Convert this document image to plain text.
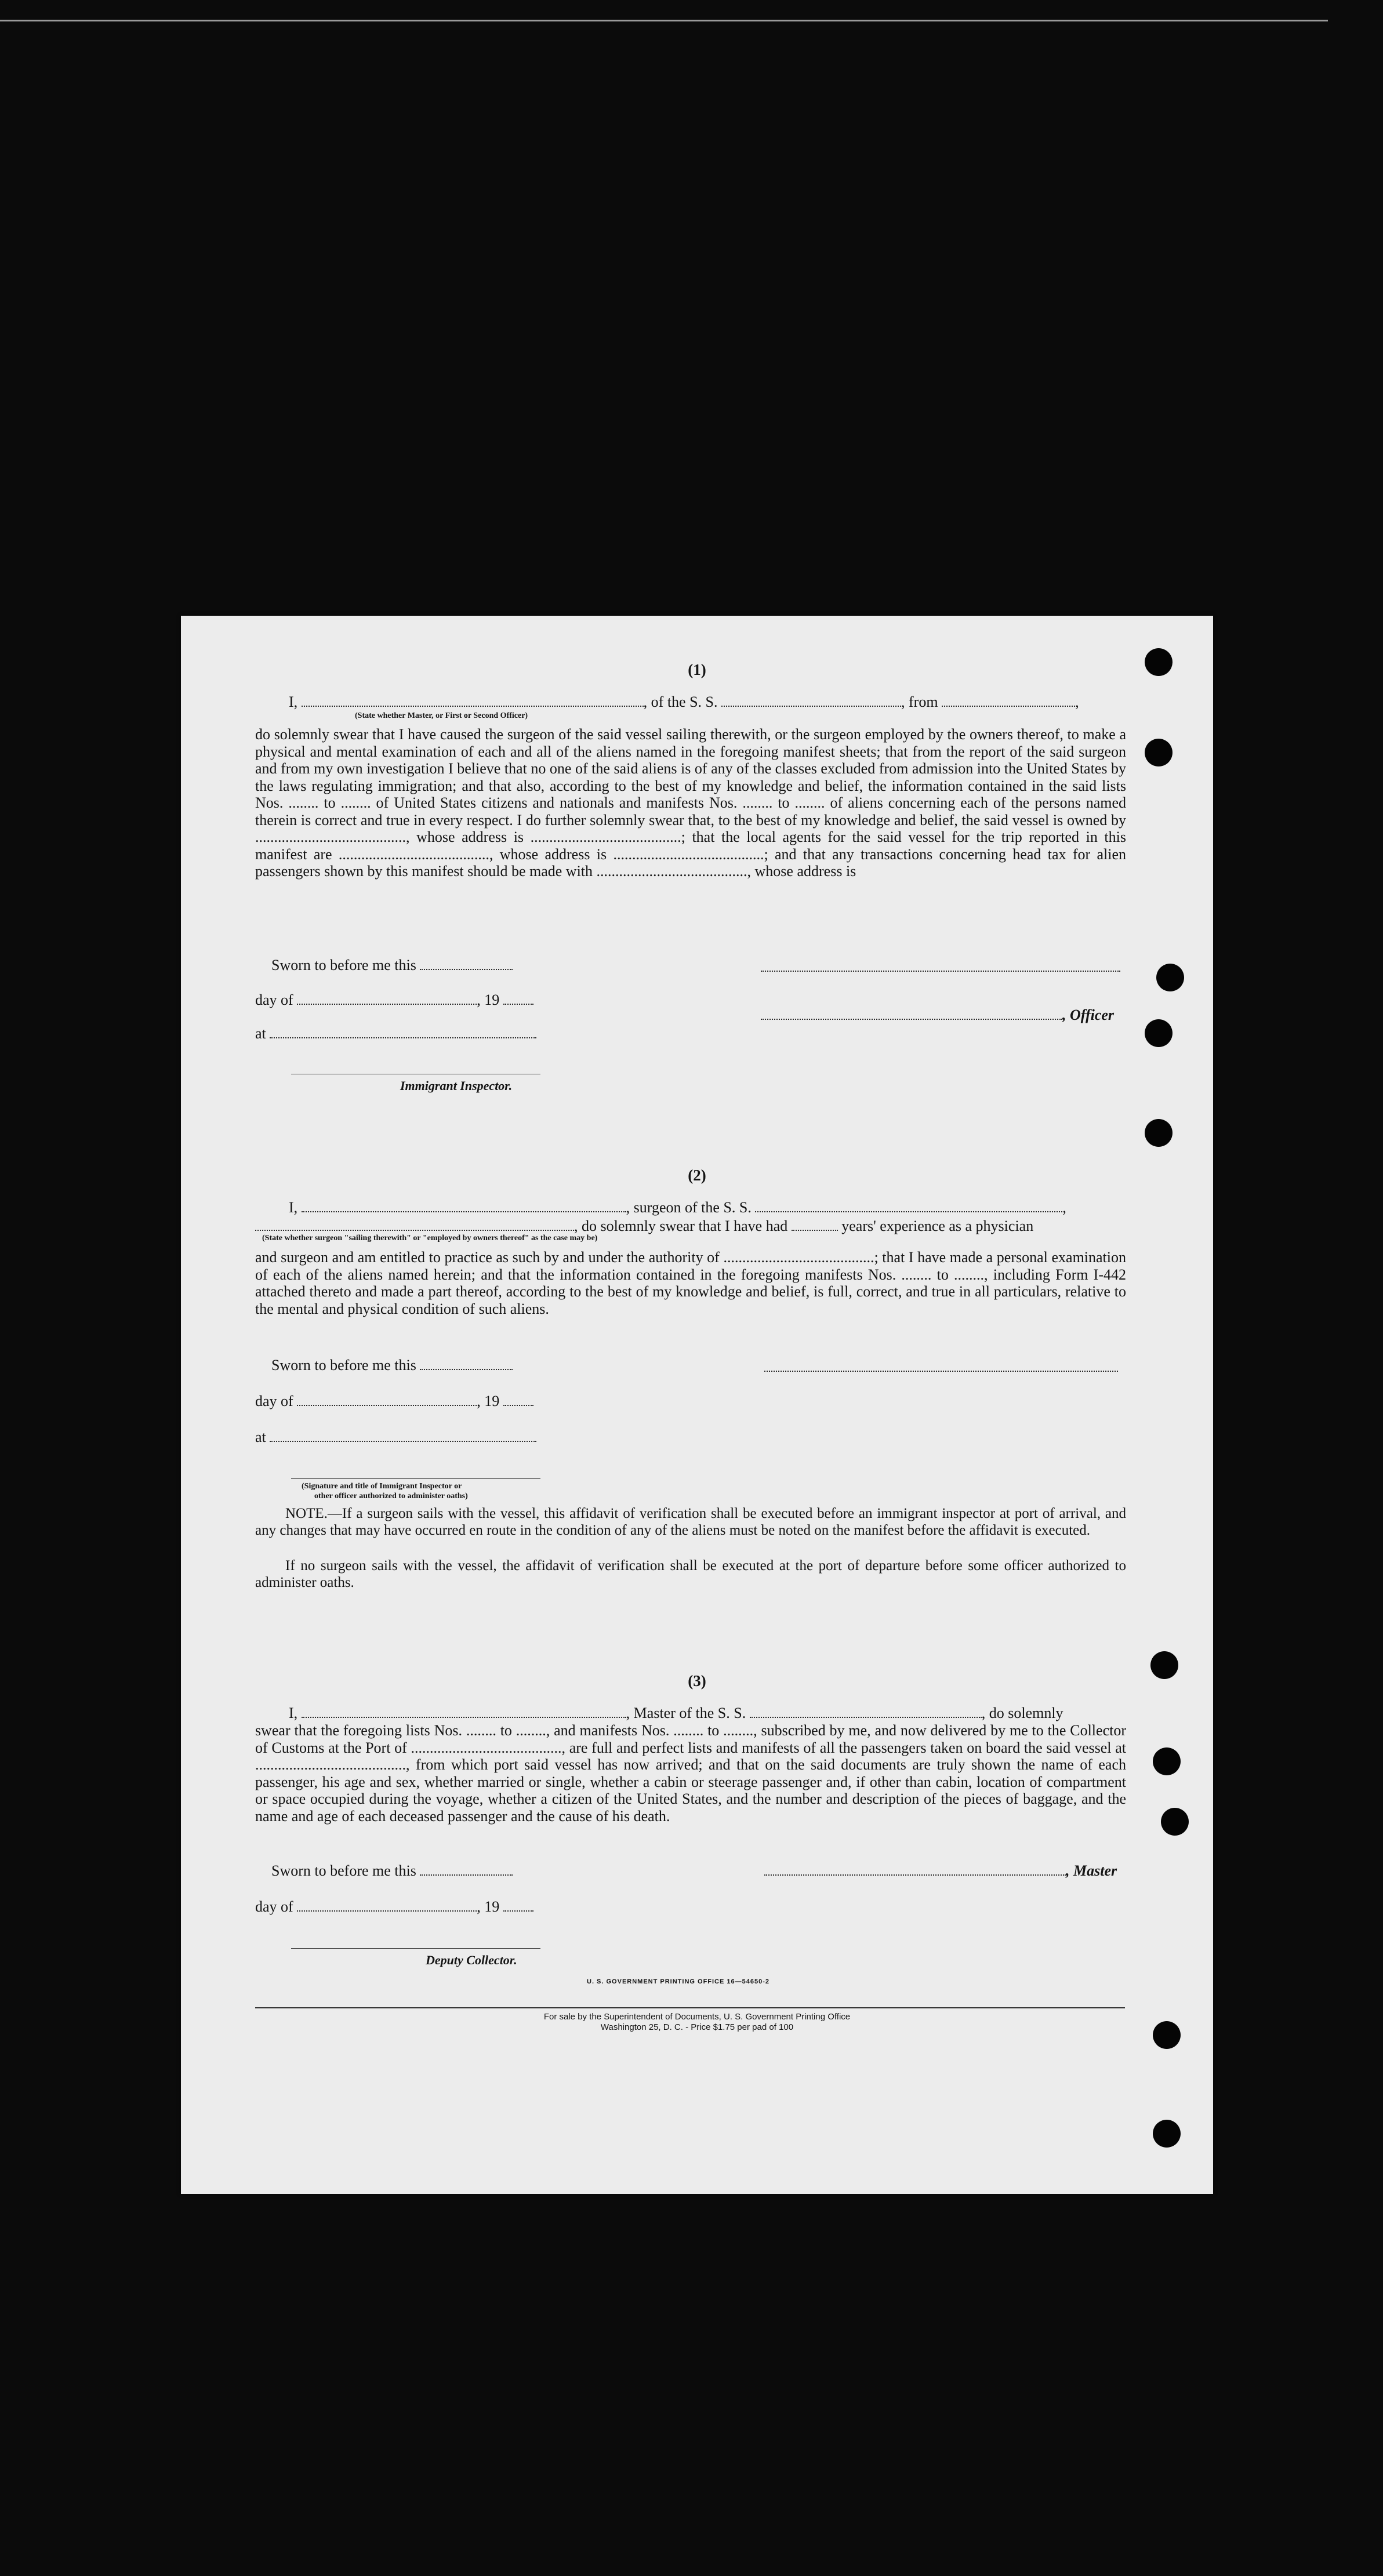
(1)
I,	, of the S. S.	, from	,
(State whether Master, or First or Second Officer)
do solemnly swear that I have caused the surgeon of the said vessel sailing therewith, or the surgeon employed by the owners thereof, to make a physical and mental examination of each and all of the aliens named in the foregoing manifest sheets; that from the report of the said surgeon and from my own investigation I believe that no one of the said aliens is of any of the classes excluded from admission into the United States by the laws regulating immigration; and that also, according to the best of my knowledge and belief, the information contained in the said lists Nos. ........ to ........ of United States citizens and nationals and manifests Nos. ........ to ........ of aliens concerning each of the persons named therein is correct and true in every respect. I do further solemnly swear that, to the best of my knowledge and belief, the said vessel is owned by ........................................, whose address is ........................................; that the local agents for the said vessel for the trip reported in this manifest are ........................................, whose address is ........................................; and that any transactions concerning head tax for alien passengers shown by this manifest should be made with ........................................, whose address is
Sworn to before me this
day of	, 19
, Officer
at
Immigrant Inspector.
(2)
I,	, surgeon of the S. S.	,
, do solemnly swear that I have had	years' experience as a physician
(State whether surgeon "sailing therewith" or "employed by owners thereof" as the case may be)
and surgeon and am entitled to practice as such by and under the authority of ........................................; that I have made a personal examination of each of the aliens named herein; and that the information contained in the foregoing manifests Nos. ........ to ........, including Form I-442 attached thereto and made a part thereof, according to the best of my knowledge and belief, is full, correct, and true in all particulars, relative to the mental and physical condition of such aliens.
Sworn to before me this
day of	, 19
at
(Signature and title of Immigrant Inspector or
other officer authorized to administer oaths)
NOTE.—If a surgeon sails with the vessel, this affidavit of verification shall be executed before an immigrant inspector at port of arrival, and any changes that may have occurred en route in the condition of any of the aliens must be noted on the manifest before the affidavit is executed.
If no surgeon sails with the vessel, the affidavit of verification shall be executed at the port of departure before some officer authorized to administer oaths.
(3)
I,	, Master of the S. S.	, do solemnly
swear that the foregoing lists Nos. ........ to ........, and manifests Nos. ........ to ........, subscribed by me, and now delivered by me to the Collector of Customs at the Port of ........................................, are full and perfect lists and manifests of all the passengers taken on board the said vessel at ........................................, from which port said vessel has now arrived; and that on the said documents are truly shown the name of each passenger, his age and sex, whether married or single, whether a cabin or steerage passenger and, if other than cabin, location of compartment or space occupied during the voyage, whether a citizen of the United States, and the number and description of the pieces of baggage, and the name and age of each deceased passenger and the cause of his death.
Sworn to before me this	, Master
day of	, 19
Deputy Collector.
U. S. GOVERNMENT PRINTING OFFICE 16—54650-2
For sale by the Superintendent of Documents, U. S. Government Printing Office
Washington 25, D. C. - Price $1.75 per pad of 100
